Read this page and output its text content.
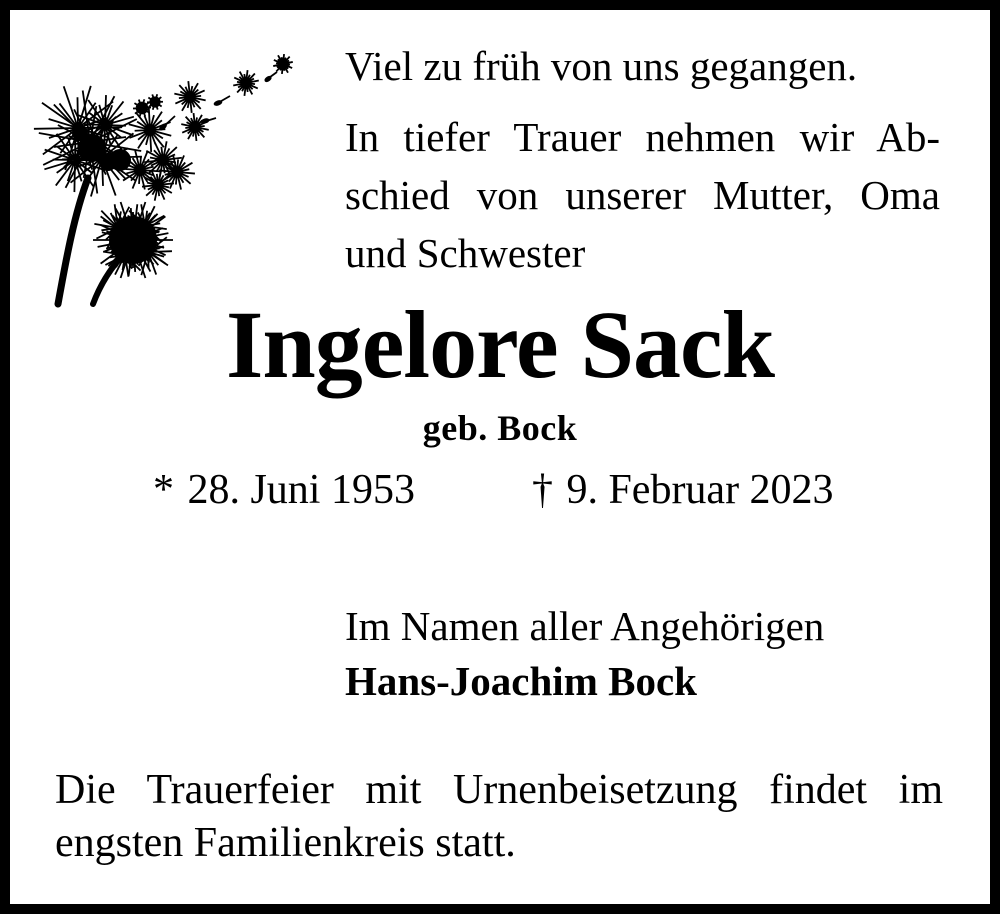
Viel zu früh von uns gegangen.
In tiefer Trauer nehmen wir Ab-
schied von unserer Mutter, Oma
und Schwester
Ingelore Sack
geb. Bock
* 28. Juni 1953	† 9. Februar 2023
Im Namen aller Angehörigen
Hans-Joachim Bock
Die Trauerfeier mit Urnenbeisetzung findet im
engsten Familienkreis statt.
